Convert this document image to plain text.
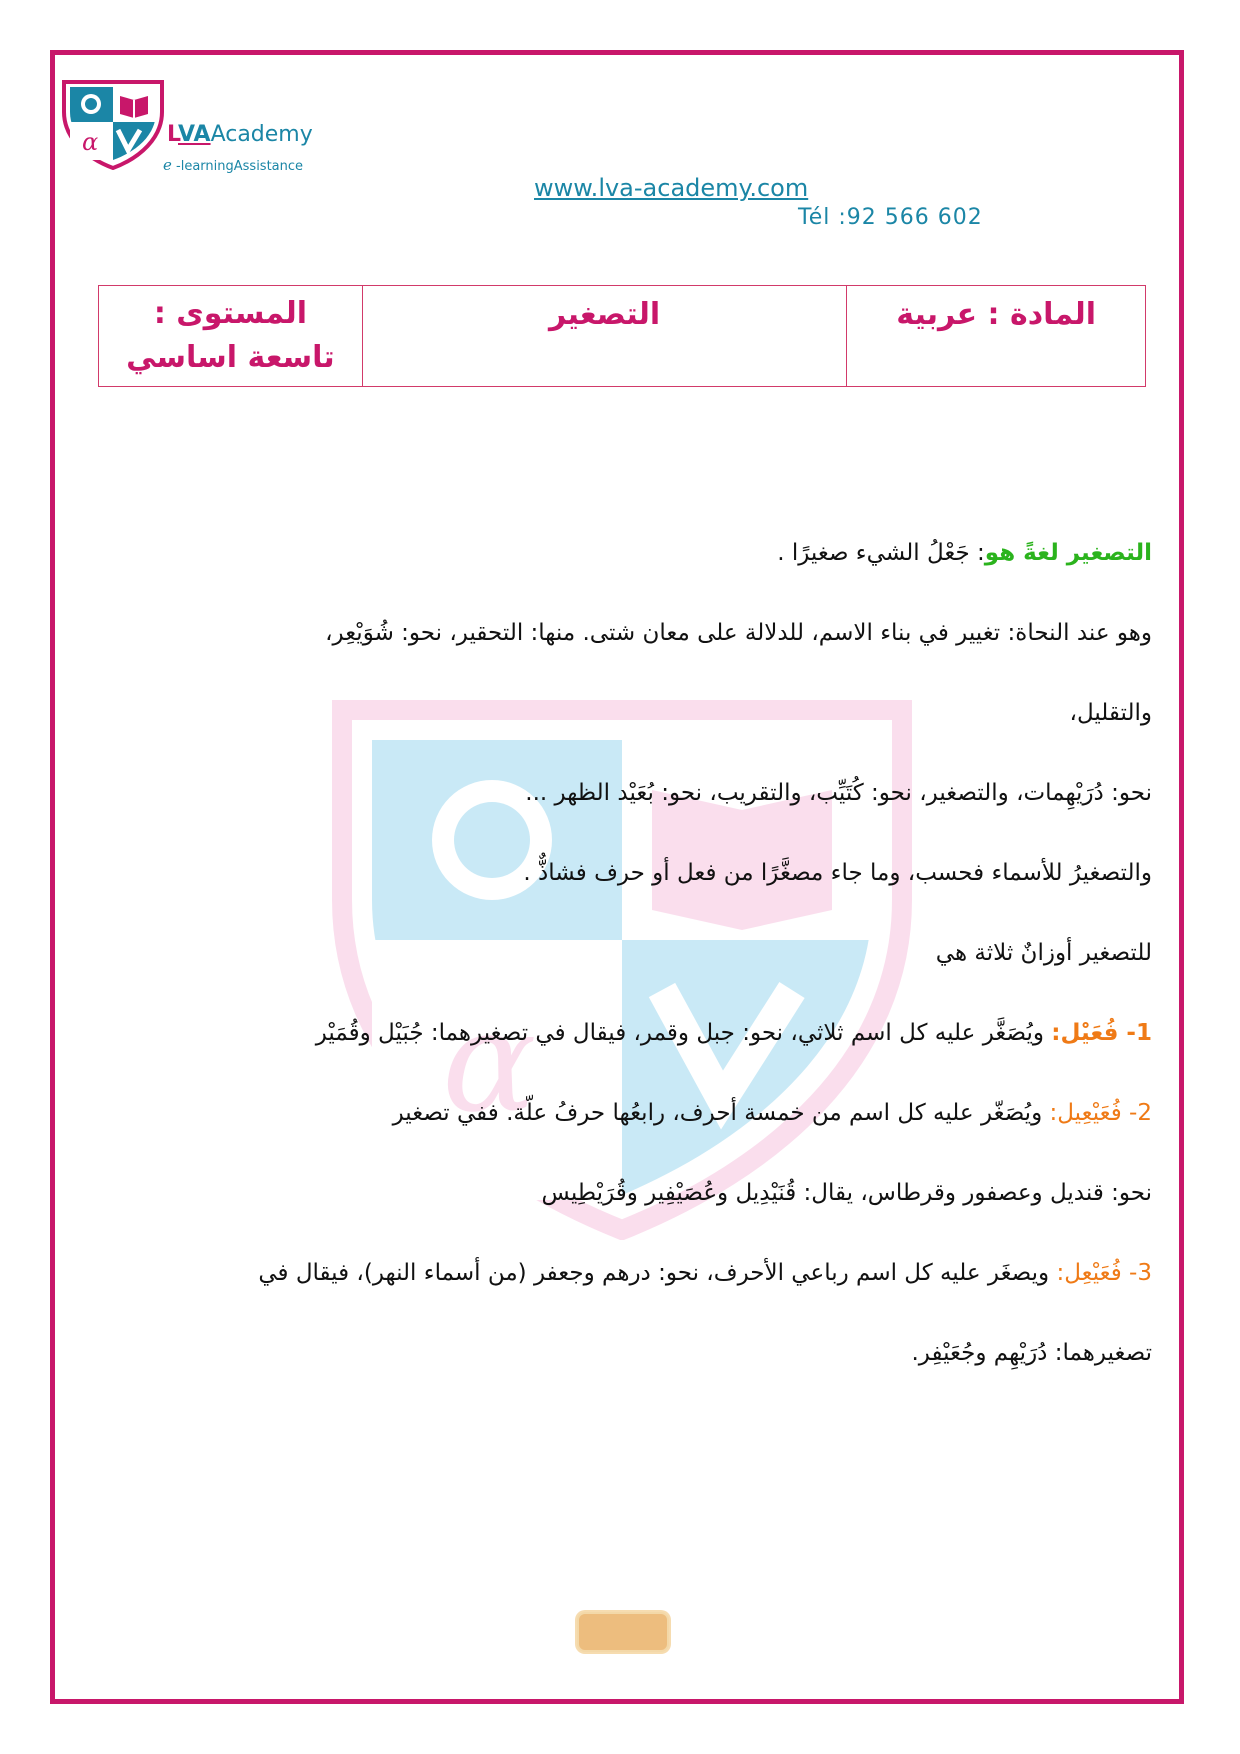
α	LVAAcademy
e -learningAssistance
www.lva-academy.com
Tél :92 566 602
α
المادة : عربية	التصغير	المستوى : تاسعة اساسي

التصغير لغةً هو: جَعْلُ الشيء صغيرًا .

وهو عند النحاة: تغيير في بناء الاسم، للدلالة على معان شتى. منها: التحقير، نحو: شُوَيْعِر،

والتقليل،

نحو: دُرَيْهِمات، والتصغير، نحو: كُتَيِّب، والتقريب، نحو: بُعَيْد الظهر ...

والتصغيرُ للأسماء فحسب، وما جاء مصغَّرًا من فعل أو حرف فشاذٌّ .

للتصغير أوزانٌ ثلاثة هي

1- فُعَيْل: ويُصَغَّر عليه كل اسم ثلاثي، نحو: جبل وقمر، فيقال في تصغيرهما: جُبَيْل وقُمَيْر

2- فُعَيْعِيل: ويُصَغّر عليه كل اسم من خمسة أحرف، رابعُها حرفُ علّة. ففي تصغير

نحو: قنديل وعصفور وقرطاس، يقال: قُنَيْدِيل وعُصَيْفِير وقُرَيْطِيس

3- فُعَيْعِل: ويصغَر عليه كل اسم رباعي الأحرف، نحو: درهم وجعفر (من أسماء النهر)، فيقال في

تصغيرهما: دُرَيْهِم وجُعَيْفِر.
